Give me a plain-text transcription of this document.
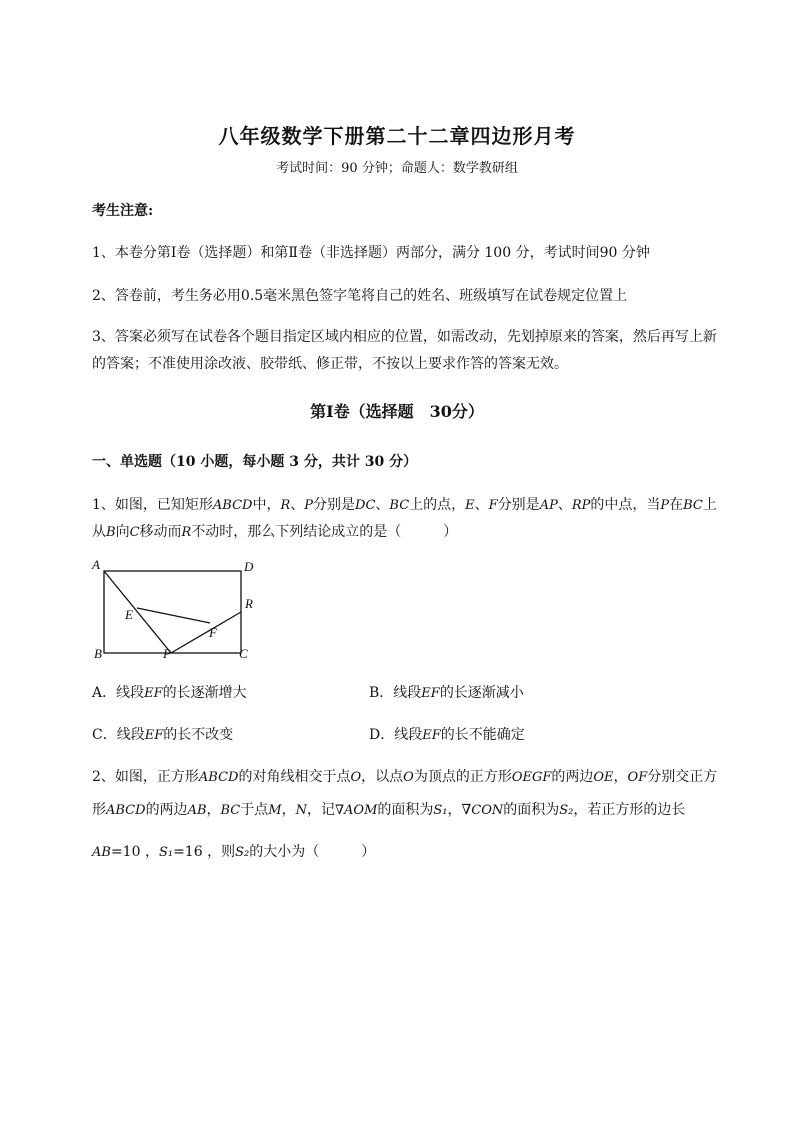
八年级数学下册第二十二章四边形月考
考试时间：90 分钟；命题人：数学教研组
考生注意:
1、本卷分第Ⅰ卷（选择题）和第Ⅱ卷（非选择题）两部分，满分 100 分，考试时间90 分钟
2、答卷前，考生务必用0.5毫米黑色签字笔将自己的姓名、班级填写在试卷规定位置上
3、答案必须写在试卷各个题目指定区域内相应的位置，如需改动，先划掉原来的答案，然后再写上新
的答案；不准使用涂改液、胶带纸、修正带，不按以上要求作答的答案无效。
第Ⅰ卷（选择题　30分）
一、单选题（10 小题，每小题 3 分，共计 30 分）
1、如图，已知矩形ABCD中，R、P分别是DC、BC上的点，E、F分别是AP、RP的中点，当P在BC上
从B向C移动而R不动时，那么下列结论成立的是（　　　）
A	D
R
E
F
B	P	C
A．线段EF的长逐渐增大	B．线段EF的长逐渐减小
C．线段EF的长不改变	D．线段EF的长不能确定
2、如图，正方形ABCD的对角线相交于点O，以点O为顶点的正方形OEGF的两边OE，OF分别交正方
形ABCD的两边AB，BC于点M，N，记∇AOM的面积为S₁，∇CON的面积为S₂，若正方形的边长
AB=10 ，S₁=16 ，则S₂的大小为（　　　）
